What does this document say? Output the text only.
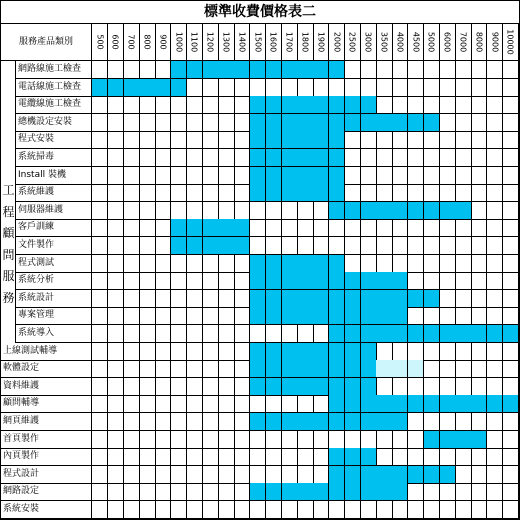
標準收費價格表二
服務產品類別
工
程
顧
問
服
務
500 600 700 800 900 1000 1100 1200 1300 1400 1500 1600 1700 1800 1900 2000 2500 3000 3500 4000 4500 5000 6000 7000 8000 9000 10000
網路線施工檢查
電話線施工檢查
電纜線施工檢查
總機設定安裝
程式安裝
系統掃毒
Install 裝機
系統維護
伺服器維護
客戶訓練
文件製作
程式測試
系統分析
系統設計
專案管理
系統導入
上線測試輔導
軟體設定
資料維護
顧問輔導
網頁維護
首頁製作
內頁製作
程式設計
網路設定
系統安裝
